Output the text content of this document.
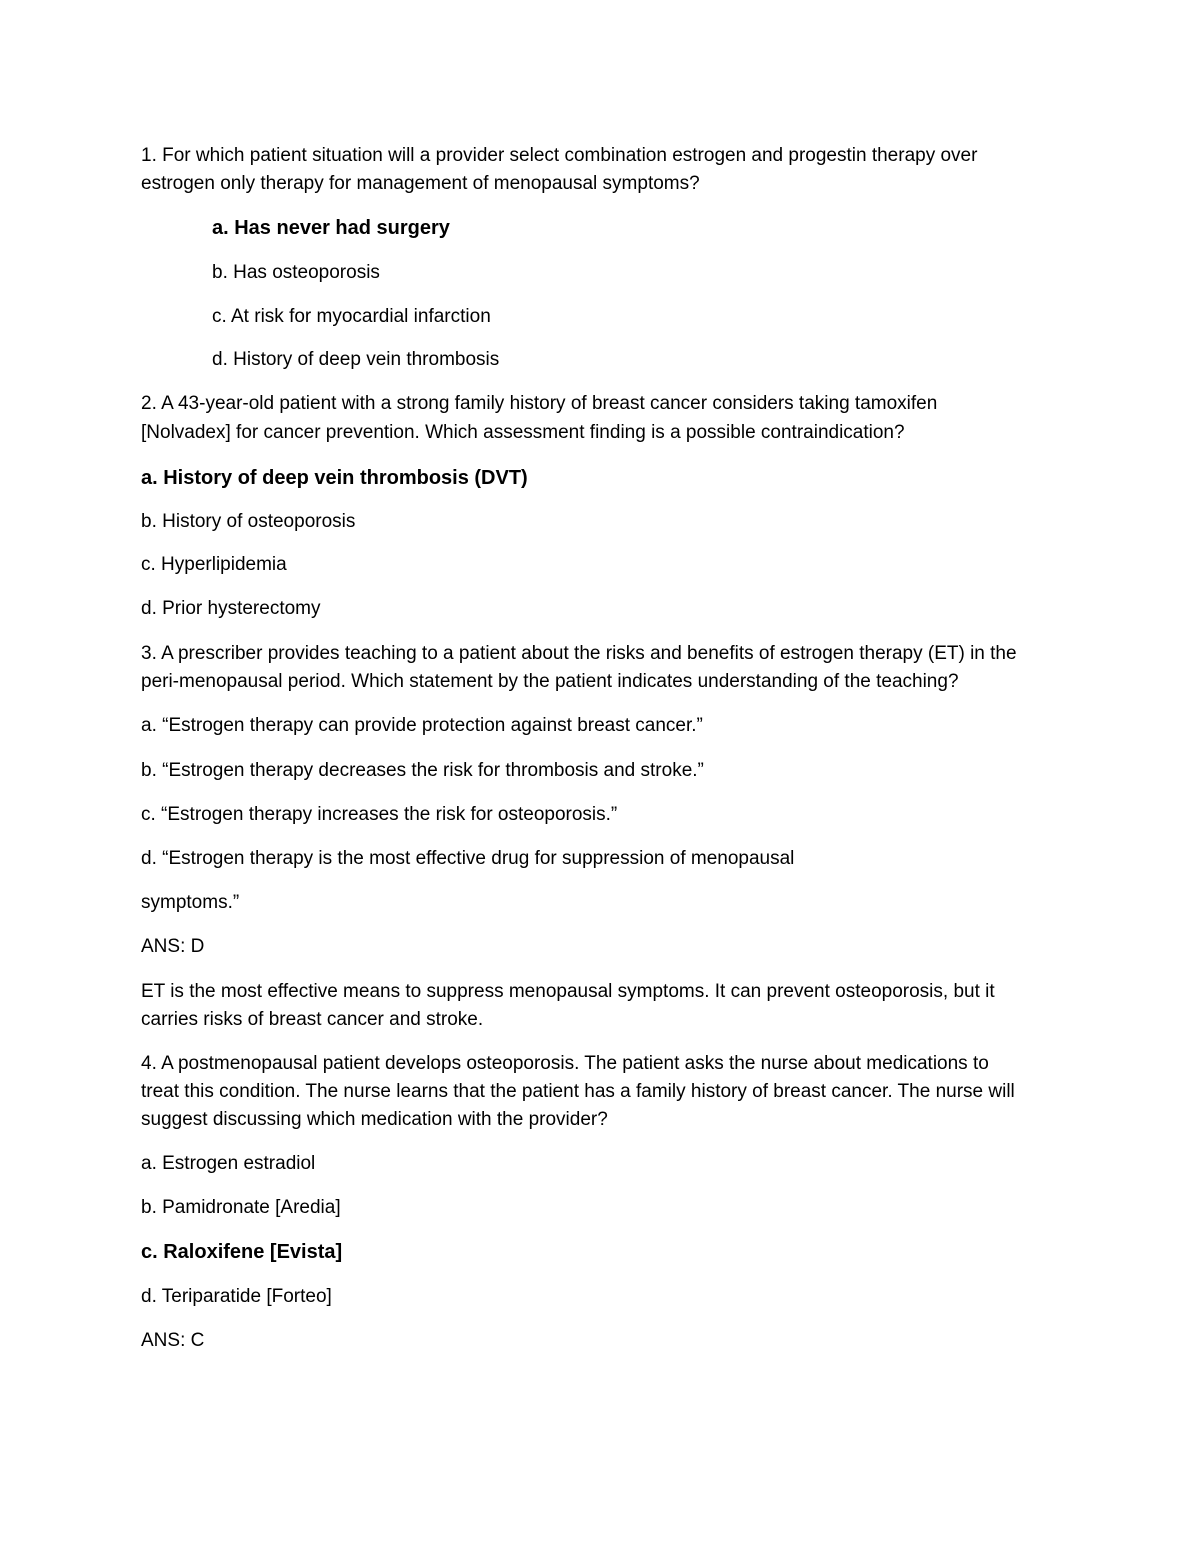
1. For which patient situation will a provider select combination estrogen and progestin therapy over

estrogen only therapy for management of menopausal symptoms?

a. Has never had surgery

b. Has osteoporosis

c. At risk for myocardial infarction

d. History of deep vein thrombosis

2. A 43-year-old patient with a strong family history of breast cancer considers taking tamoxifen

[Nolvadex] for cancer prevention. Which assessment finding is a possible contraindication?

a. History of deep vein thrombosis (DVT)

b. History of osteoporosis

c. Hyperlipidemia

d. Prior hysterectomy

3. A prescriber provides teaching to a patient about the risks and benefits of estrogen therapy (ET) in the

peri-menopausal period. Which statement by the patient indicates understanding of the teaching?

a. “Estrogen therapy can provide protection against breast cancer.”

b. “Estrogen therapy decreases the risk for thrombosis and stroke.”

c. “Estrogen therapy increases the risk for osteoporosis.”

d. “Estrogen therapy is the most effective drug for suppression of menopausal

symptoms.”

ANS: D

ET is the most effective means to suppress menopausal symptoms. It can prevent osteoporosis, but it

carries risks of breast cancer and stroke.

4. A postmenopausal patient develops osteoporosis. The patient asks the nurse about medications to

treat this condition. The nurse learns that the patient has a family history of breast cancer. The nurse will

suggest discussing which medication with the provider?

a. Estrogen estradiol

b. Pamidronate [Aredia]

c. Raloxifene [Evista]

d. Teriparatide [Forteo]

ANS: C
